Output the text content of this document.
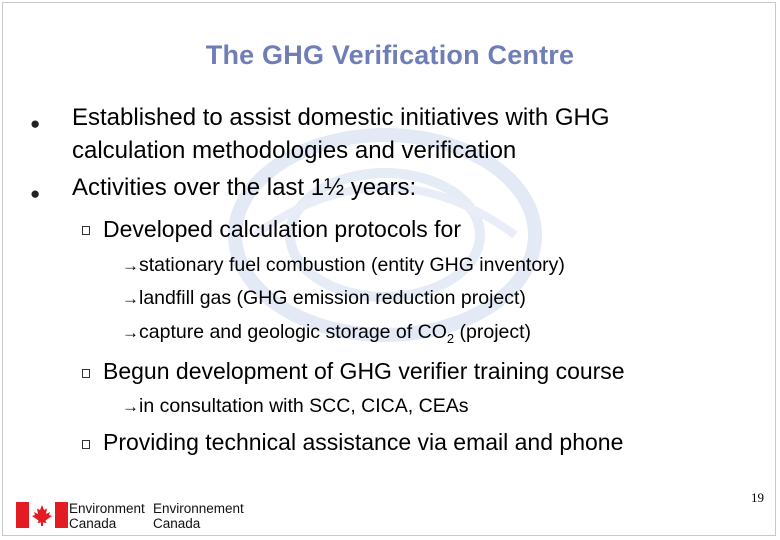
The GHG Verification Centre
● Established to assist domestic initiatives with GHG
calculation methodologies and verification
● Activities over the last 1½ years:
Developed calculation protocols for
→stationary fuel combustion (entity GHG inventory)
→landfill gas (GHG emission reduction project)
→capture and geologic storage of $CO_2$ (project)
Begun development of GHG verifier training course
→in consultation with SCC, CICA, CEAs
Providing technical assistance via email and phone
19
Environment
Canada
Environnement
Canada
